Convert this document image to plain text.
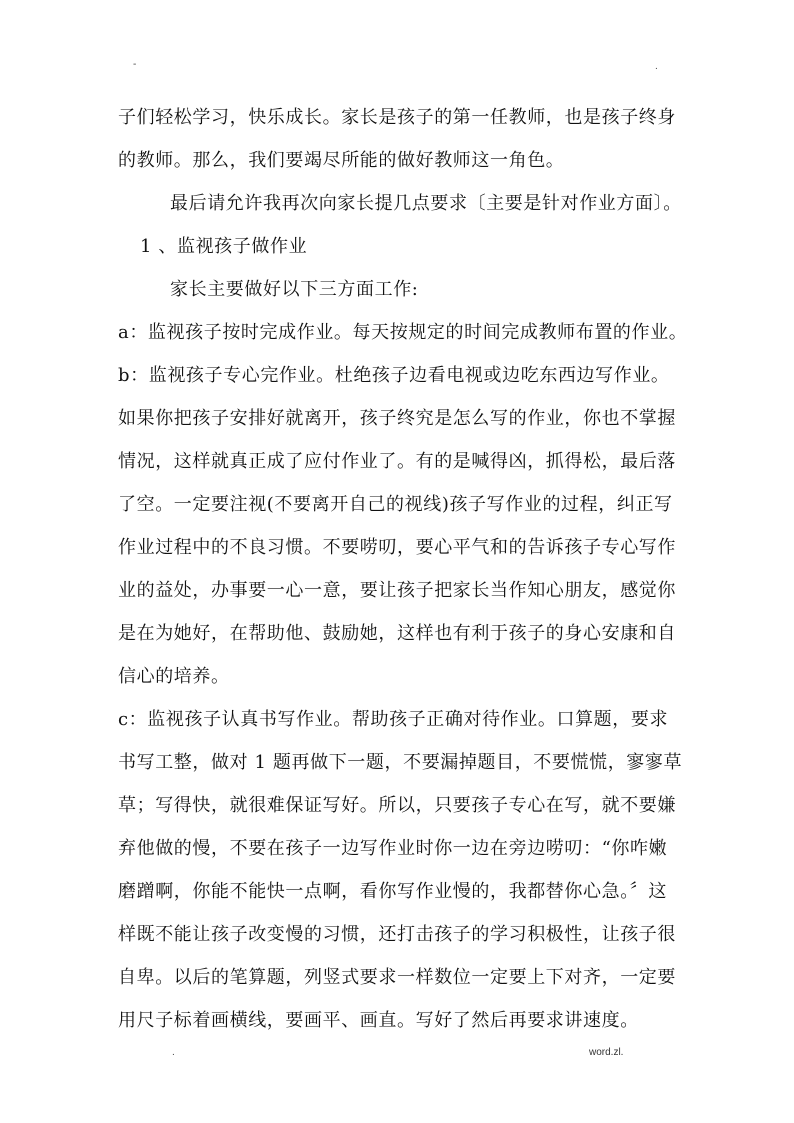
-	.
子们轻松学习，快乐成长。家长是孩子的第一任教师，也是孩子终身
的教师。那么，我们要竭尽所能的做好教师这一角色。
最后请允许我再次向家长提几点要求〔主要是针对作业方面〕。
1 、监视孩子做作业
家长主要做好以下三方面工作:
a：监视孩子按时完成作业。每天按规定的时间完成教师布置的作业。
b：监视孩子专心完作业。杜绝孩子边看电视或边吃东西边写作业。
如果你把孩子安排好就离开，孩子终究是怎么写的作业，你也不掌握
情况，这样就真正成了应付作业了。有的是喊得凶，抓得松，最后落
了空。一定要注视(不要离开自己的视线)孩子写作业的过程，纠正写
作业过程中的不良习惯。不要唠叨，要心平气和的告诉孩子专心写作
业的益处，办事要一心一意，要让孩子把家长当作知心朋友，感觉你
是在为她好，在帮助他、鼓励她，这样也有利于孩子的身心安康和自
信心的培养。
c：监视孩子认真书写作业。帮助孩子正确对待作业。口算题，要求
书写工整，做对 1 题再做下一题，不要漏掉题目，不要慌慌，寥寥草
草；写得快，就很难保证写好。所以，只要孩子专心在写，就不要嫌
弃他做的慢，不要在孩子一边写作业时你一边在旁边唠叨：“你咋嫩
磨蹭啊，你能不能快一点啊，看你写作业慢的，我都替你心急。〞这
样既不能让孩子改变慢的习惯，还打击孩子的学习积极性，让孩子很
自卑。以后的笔算题，列竖式要求一样数位一定要上下对齐，一定要
用尺子标着画横线，要画平、画直。写好了然后再要求讲速度。
.	word.zl.
